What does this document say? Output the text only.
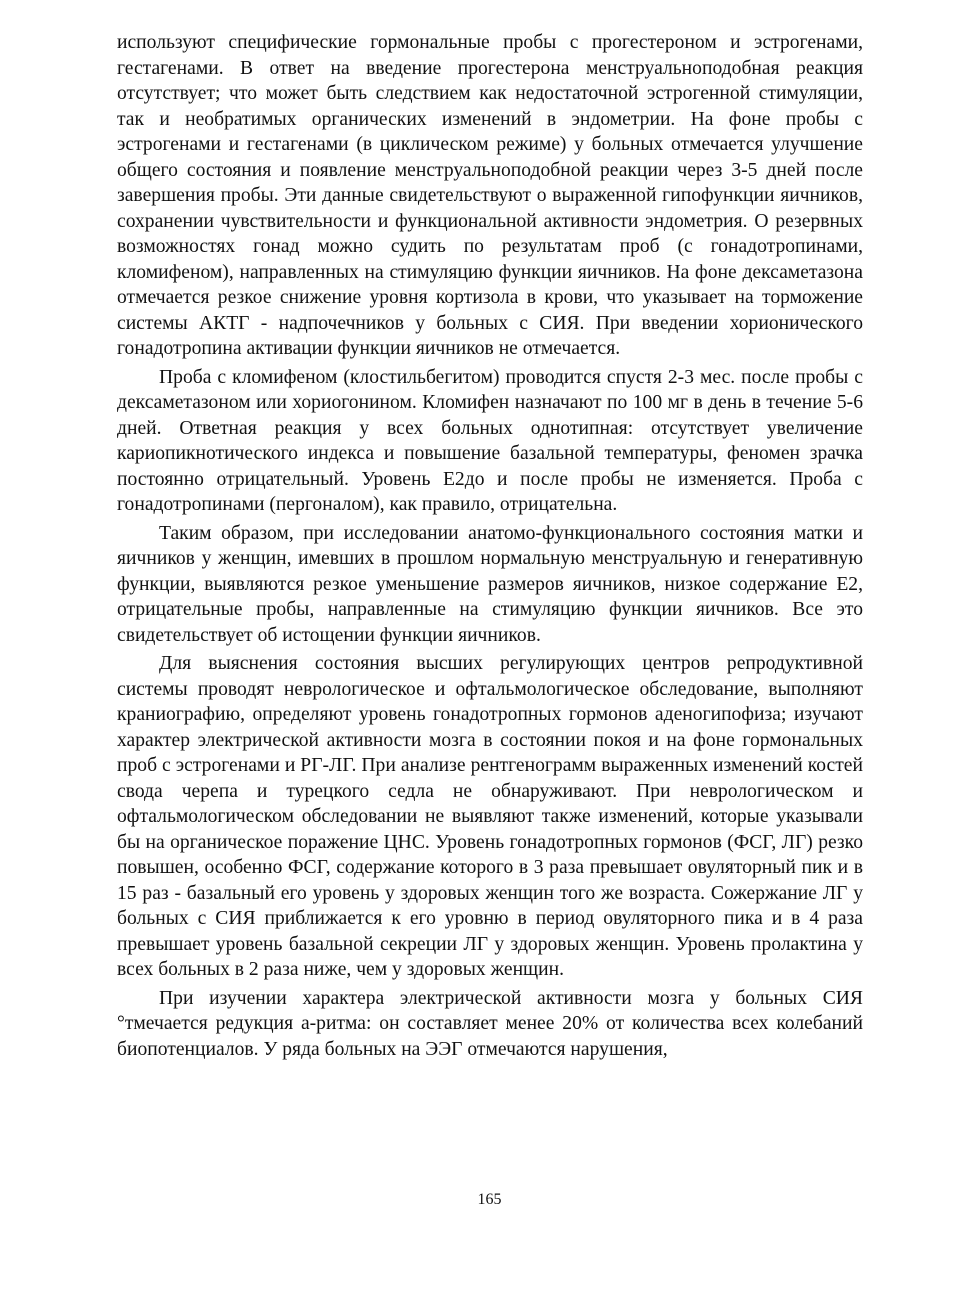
используют специфические гормональные пробы с прогестероном и эстрогенами, гестагенами. В ответ на введение прогестерона менструальноподобная реакция отсутствует; что может быть следствием как недостаточной эстрогенной стимуляции, так и необратимых органических изменений в эндометрии. На фоне пробы с эстрогенами и гестагенами (в циклическом режиме) у больных отмечается улучшение общего состояния и появление менструальноподобной реакции через 3-5 дней после завершения пробы. Эти данные свидетельствуют о выраженной гипофункции яичников, сохранении чувствительности и функциональной активности эндометрия. О резервных возможностях гонад можно судить по результатам проб (с гонадотропинами, кломифеном), направленных на стимуляцию функции яичников. На фоне дексаметазона отмечается резкое снижение уровня кортизола в крови, что указывает на торможение системы АКТГ - надпочечников у больных с СИЯ. При введении хорионического гонадотропина активации функции яичников не отмечается.

Проба с кломифеном (клостильбегитом) проводится спустя 2-3 мес. после пробы с дексаметазоном или хориогонином. Кломифен назначают по 100 мг в день в течение 5-6 дней. Ответная реакция у всех больных однотипная: отсутствует увеличение кариопикнотического индекса и повышение базальной температуры, феномен зрачка постоянно отрицательный. Уровень Е2до и после пробы не изменяется. Проба с гонадотропинами (пергоналом), как правило, отрицательна.

Таким образом, при исследовании анатомо-функционального состояния матки и яичников у женщин, имевших в прошлом нормальную менструальную и генеративную функции, выявляются резкое уменьшение размеров яичников, низкое содержание Е2, отрицательные пробы, направленные на стимуляцию функции яичников. Все это свидетельствует об истощении функции яичников.

Для выяснения состояния высших регулирующих центров репродуктивной системы проводят неврологическое и офтальмологическое обследование, выполняют краниографию, определяют уровень гонадотропных гормонов аденогипофиза; изучают характер электрической активности мозга в состоянии покоя и на фоне гормональных проб с эстрогенами и РГ-ЛГ. При анализе рентгенограмм выраженных изменений костей свода черепа и турецкого седла не обнаруживают. При неврологическом и офтальмологическом обследовании не выявляют также изменений, которые указывали бы на органическое поражение ЦНС. Уровень гонадотропных гормонов (ФСГ, ЛГ) резко повышен, особенно ФСГ, содержание которого в 3 раза превышает овуляторный пик и в 15 раз - базальный его уровень у здоровых женщин того же возраста. Сожержание ЛГ у больных с СИЯ приближается к его уровню в период овуляторного пика и в 4 раза превышает уровень базальной секреции ЛГ у здоровых женщин. Уровень пролактина у всех больных в 2 раза ниже, чем у здоровых женщин.

При изучении характера электрической активности мозга у больных СИЯ °тмечается редукция a-ритма: он составляет менее 20% от количества всех колебаний биопотенциалов. У ряда больных на ЭЭГ отмечаются нарушения,

165
